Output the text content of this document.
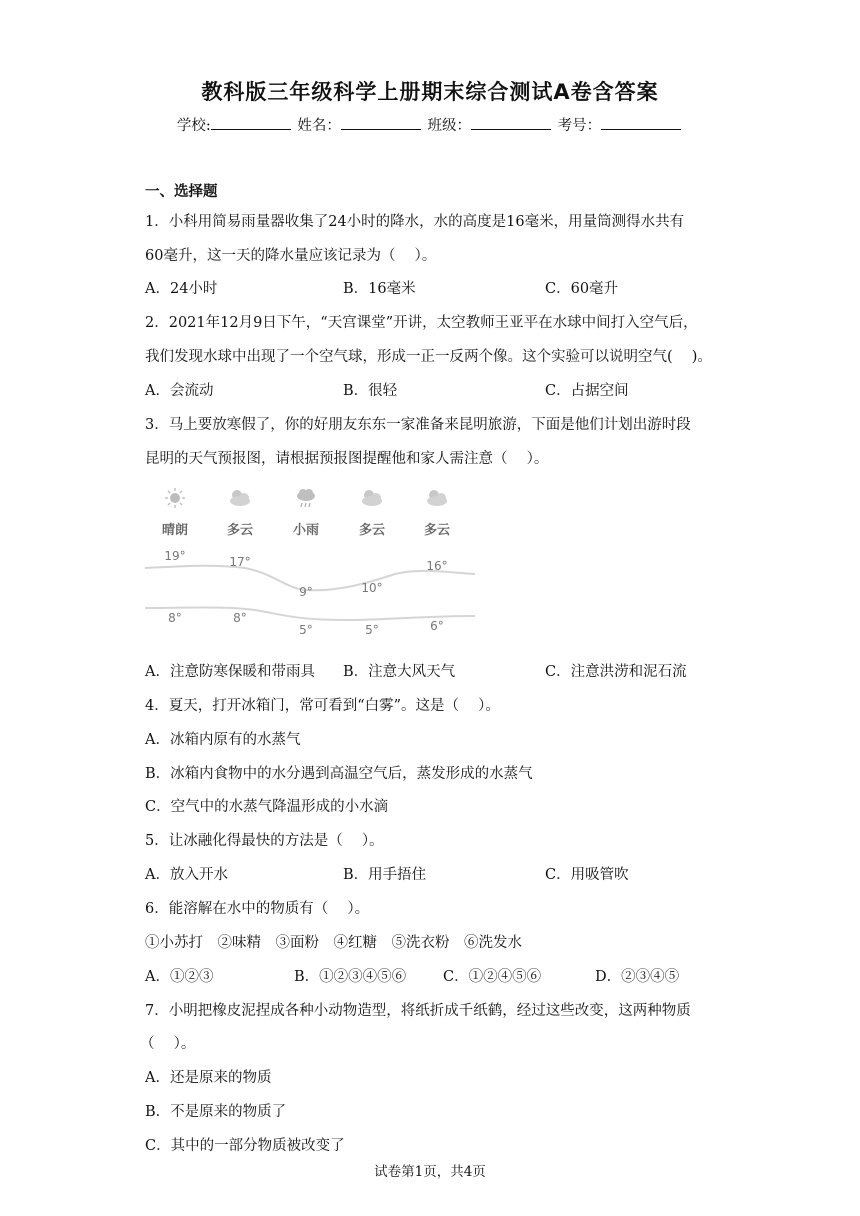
教科版三年级科学上册期末综合测试A卷含答案
学校:	姓名：	班级：	考号：
一、选择题
1．小科用简易雨量器收集了24小时的降水，水的高度是16毫米，用量筒测得水共有
60毫升，这一天的降水量应该记录为（　 ）。
A．24小时	B．16毫米	C．60毫升
2．2021年12月9日下午，“天宫课堂”开讲，太空教师王亚平在水球中间打入空气后，
我们发现水球中出现了一个空气球，形成一正一反两个像。这个实验可以说明空气(　 )。
A．会流动	B．很轻	C．占据空间
3．马上要放寒假了，你的好朋友东东一家准备来昆明旅游，下面是他们计划出游时段
昆明的天气预报图，请根据预报图提醒他和家人需注意（　 ）。
晴朗	多云	小雨	多云	多云
19°	17°
9°	10°
16°
8°	8°
5°	5°	6°
A．注意防寒保暖和带雨具 B．注意大风天气	C．注意洪涝和泥石流
4．夏天，打开冰箱门，常可看到“白雾”。这是（　 ）。
A．冰箱内原有的水蒸气
B．冰箱内食物中的水分遇到高温空气后，蒸发形成的水蒸气
C．空气中的水蒸气降温形成的小水滴
5．让冰融化得最快的方法是（　 ）。
A．放入开水	B．用手捂住	C．用吸管吹
6．能溶解在水中的物质有（　 ）。
①小苏打　②味精　③面粉　④红糖　⑤洗衣粉　⑥洗发水
A．①②③	B．①②③④⑤⑥	C．①②④⑤⑥	D．②③④⑤
7．小明把橡皮泥捏成各种小动物造型，将纸折成千纸鹤，经过这些改变，这两种物质
（　 ）。
A．还是原来的物质
B．不是原来的物质了
C．其中的一部分物质被改变了
试卷第1页，共4页
